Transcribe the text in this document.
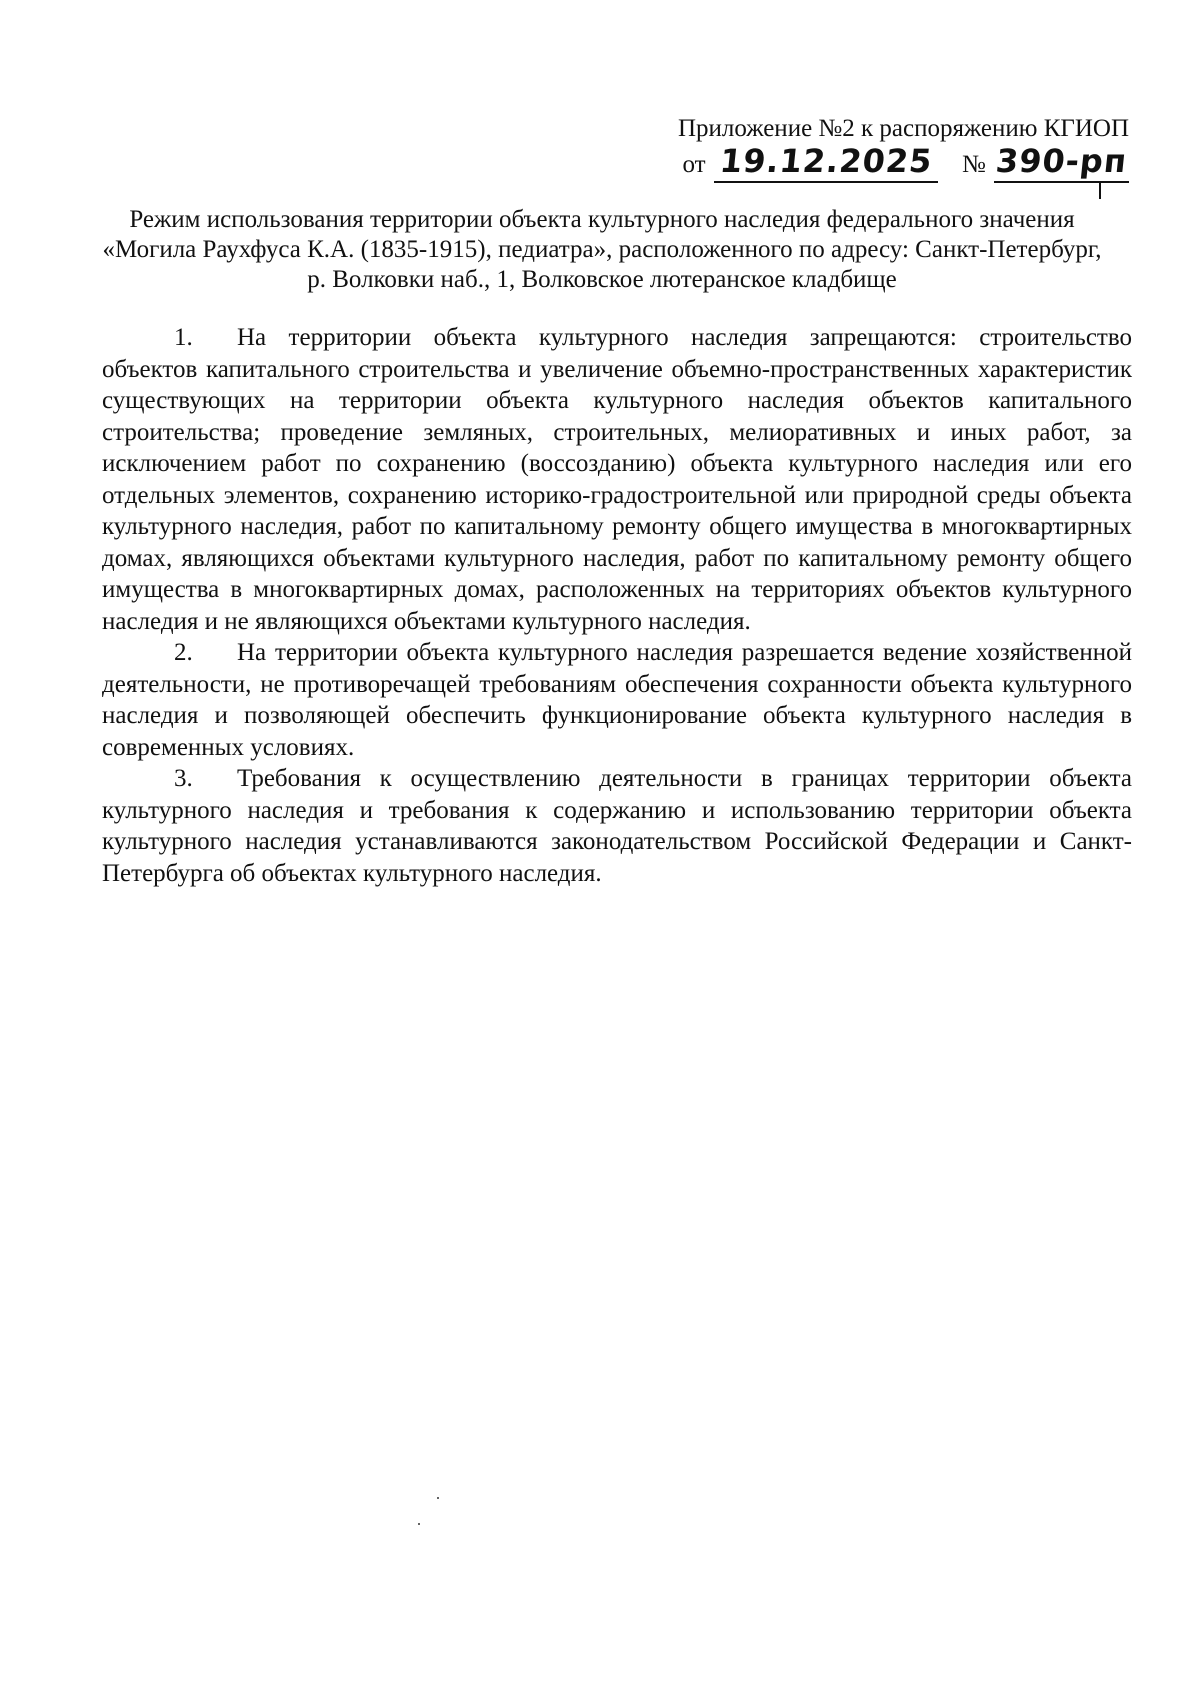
Приложение №2 к распоряжению КГИОП
от 19.12.2025 № 390-рп
Режим использования территории объекта культурного наследия федерального значения
«Могила Раухфуса К.А. (1835-1915), педиатра», расположенного по адресу: Санкт-Петербург,
р. Волковки наб., 1, Волковское лютеранское кладбище

1. На территории объекта культурного наследия запрещаются: строительство объектов капитального строительства и увеличение объемно-пространственных характеристик существующих на территории объекта культурного наследия объектов капитального строительства; проведение земляных, строительных, мелиоративных и иных работ, за исключением работ по сохранению (воссозданию) объекта культурного наследия или его отдельных элементов, сохранению историко-градостроительной или природной среды объекта культурного наследия, работ по капитальному ремонту общего имущества в многоквартирных домах, являющихся объектами культурного наследия, работ по капитальному ремонту общего имущества в многоквартирных домах, расположенных на территориях объектов культурного наследия и не являющихся объектами культурного наследия.

2. На территории объекта культурного наследия разрешается ведение хозяйственной деятельности, не противоречащей требованиям обеспечения сохранности объекта культурного наследия и позволяющей обеспечить функционирование объекта культурного наследия в современных условиях.

3. Требования к осуществлению деятельности в границах территории объекта культурного наследия и требования к содержанию и использованию территории объекта культурного наследия устанавливаются законодательством Российской Федерации и Санкт-Петербурга об объектах культурного наследия.
